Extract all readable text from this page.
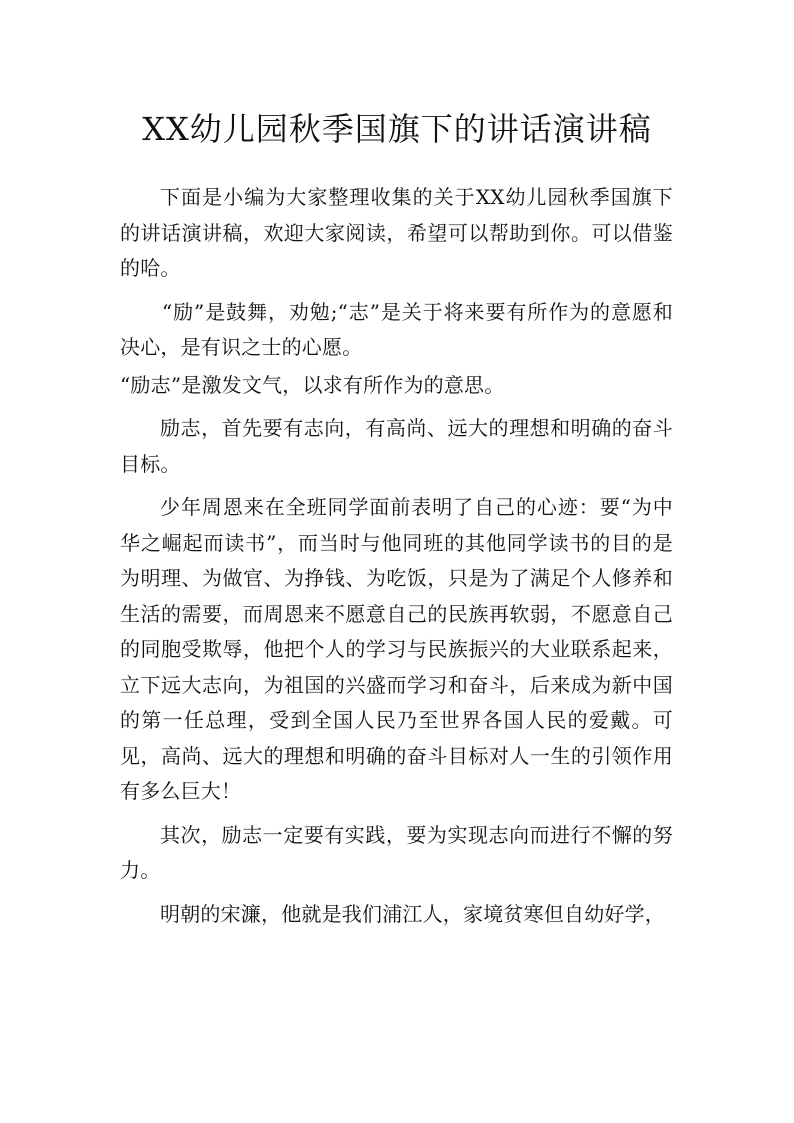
XX幼儿园秋季国旗下的讲话演讲稿

下面是小编为大家整理收集的关于XX幼儿园秋季国旗下的讲话演讲稿，欢迎大家阅读，希望可以帮助到你。可以借鉴的哈。

“励”是鼓舞，劝勉;“志”是关于将来要有所作为的意愿和决心，是有识之士的心愿。

“励志”是激发文气，以求有所作为的意思。

励志，首先要有志向，有高尚、远大的理想和明确的奋斗目标。

少年周恩来在全班同学面前表明了自己的心迹：要“为中华之崛起而读书”，而当时与他同班的其他同学读书的目的是为明理、为做官、为挣钱、为吃饭，只是为了满足个人修养和生活的需要，而周恩来不愿意自己的民族再软弱，不愿意自己的同胞受欺辱，他把个人的学习与民族振兴的大业联系起来，立下远大志向，为祖国的兴盛而学习和奋斗，后来成为新中国的第一任总理，受到全国人民乃至世界各国人民的爱戴。可见，高尚、远大的理想和明确的奋斗目标对人一生的引领作用有多么巨大！

其次，励志一定要有实践，要为实现志向而进行不懈的努力。

明朝的宋濂，他就是我们浦江人，家境贫寒但自幼好学，
